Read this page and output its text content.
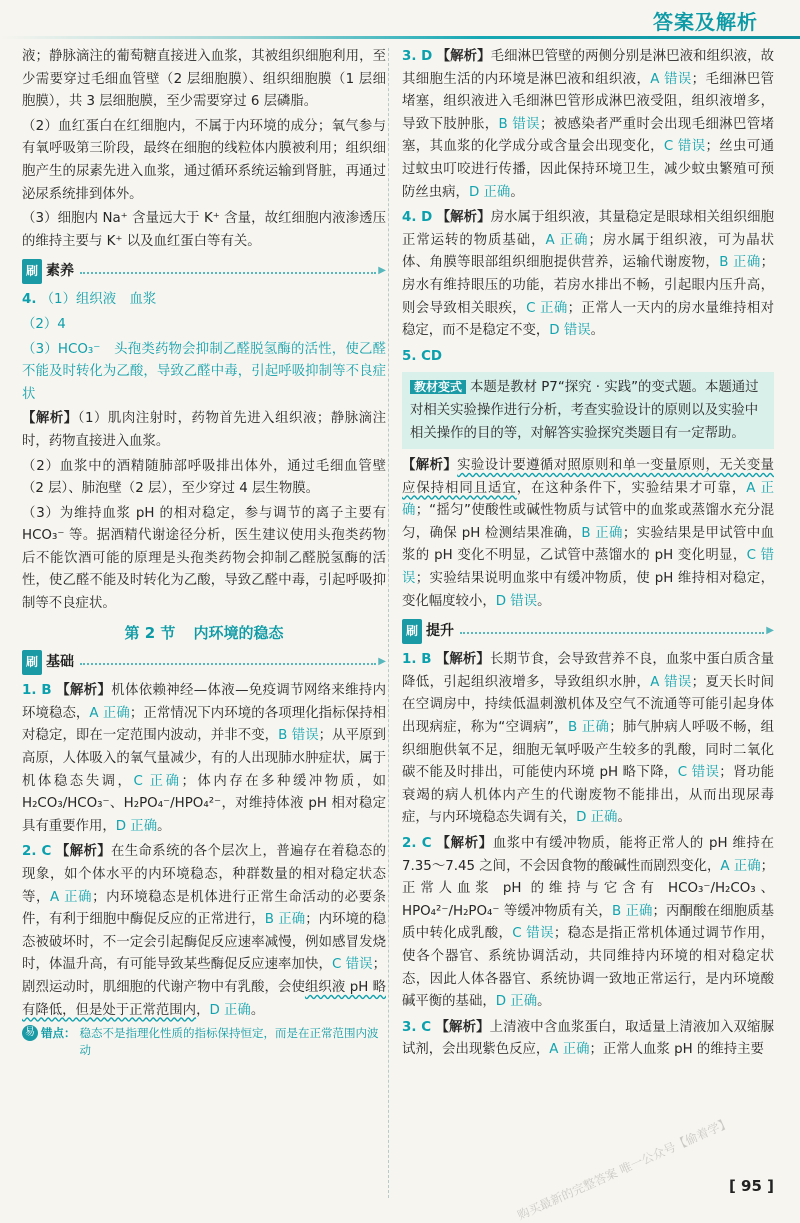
答案及解析

液；静脉滴注的葡萄糖直接进入血浆，其被组织细胞利用，至少需要穿过毛细血管壁（2 层细胞膜）、组织细胞膜（1 层细胞膜），共 3 层细胞膜，至少需要穿过 6 层磷脂。

（2）血红蛋白在红细胞内，不属于内环境的成分；氧气参与有氧呼吸第三阶段，最终在细胞的线粒体内膜被利用；组织细胞产生的尿素先进入血浆，通过循环系统运输到肾脏，再通过泌尿系统排到体外。

（3）细胞内 Na⁺ 含量远大于 K⁺ 含量，故红细胞内液渗透压的维持主要与 K⁺ 以及血红蛋白等有关。

刷 素养	▶

4. （1）组织液　血浆

（2）4

（3）HCO₃⁻　头孢类药物会抑制乙醛脱氢酶的活性，使乙醛不能及时转化为乙酸，导致乙醛中毒，引起呼吸抑制等不良症状

【解析】（1）肌肉注射时，药物首先进入组织液；静脉滴注时，药物直接进入血浆。

（2）血浆中的酒精随肺部呼吸排出体外，通过毛细血管壁（2 层）、肺泡壁（2 层），至少穿过 4 层生物膜。

（3）为维持血浆 pH 的相对稳定，参与调节的离子主要有 HCO₃⁻ 等。据酒精代谢途径分析，医生建议使用头孢类药物后不能饮酒可能的原理是头孢类药物会抑制乙醛脱氢酶的活性，使乙醛不能及时转化为乙酸，导致乙醛中毒，引起呼吸抑制等不良症状。

第 2 节 内环境的稳态
刷 基础	▶

1. B 【解析】机体依赖神经—体液—免疫调节网络来维持内环境稳态，A 正确；正常情况下内环境的各项理化指标保持相对稳定，即在一定范围内波动，并非不变，B 错误；从平原到高原，人体吸入的氧气量减少，有的人出现肺水肿症状，属于机体稳态失调，C 正确；体内存在多种缓冲物质，如 H₂CO₃/HCO₃⁻、H₂PO₄⁻/HPO₄²⁻，对维持体液 pH 相对稳定具有重要作用，D 正确。

2. C 【解析】在生命系统的各个层次上，普遍存在着稳态的现象，如个体水平的内环境稳态，种群数量的相对稳定状态等，A 正确；内环境稳态是机体进行正常生命活动的必要条件，有利于细胞中酶促反应的正常进行，B 正确；内环境的稳态被破坏时，不一定会引起酶促反应速率减慢，例如感冒发烧时，体温升高，有可能导致某些酶促反应速率加快，C 错误；剧烈运动时，肌细胞的代谢产物中有乳酸，会使组织液 pH 略有降低，但是处于正常范围内，D 正确。

易 错点： 稳态不是指理化性质的指标保持恒定，而是在正常范围内波动

3. D 【解析】毛细淋巴管壁的两侧分别是淋巴液和组织液，故其细胞生活的内环境是淋巴液和组织液，A 错误；毛细淋巴管堵塞，组织液进入毛细淋巴管形成淋巴液受阻，组织液增多，导致下肢肿胀，B 错误；被感染者严重时会出现毛细淋巴管堵塞，其血浆的化学成分或含量会出现变化，C 错误；丝虫可通过蚊虫叮咬进行传播，因此保持环境卫生，减少蚊虫繁殖可预防丝虫病，D 正确。

4. D 【解析】房水属于组织液，其量稳定是眼球相关组织细胞正常运转的物质基础，A 正确；房水属于组织液，可为晶状体、角膜等眼部组织细胞提供营养，运输代谢废物，B 正确；房水有维持眼压的功能，若房水排出不畅，引起眼内压升高，则会导致相关眼疾，C 正确；正常人一天内的房水量维持相对稳定，而不是稳定不变，D 错误。

5. CD

教材变式 本题是教材 P7“探究 · 实践”的变式题。本题通过对相关实验操作进行分析，考查实验设计的原则以及实验中相关操作的目的等，对解答实验探究类题目有一定帮助。

【解析】实验设计要遵循对照原则和单一变量原则，无关变量应保持相同且适宜，在这种条件下，实验结果才可靠，A 正确；“摇匀”使酸性或碱性物质与试管中的血浆或蒸馏水充分混匀，确保 pH 检测结果准确，B 正确；实验结果是甲试管中血浆的 pH 变化不明显，乙试管中蒸馏水的 pH 变化明显，C 错误；实验结果说明血浆中有缓冲物质，使 pH 维持相对稳定，变化幅度较小，D 错误。

刷 提升	▶

1. B 【解析】长期节食，会导致营养不良，血浆中蛋白质含量降低，引起组织液增多，导致组织水肿，A 错误；夏天长时间在空调房中，持续低温刺激机体及空气不流通等可能引起身体出现病症，称为“空调病”，B 正确；肺气肿病人呼吸不畅，组织细胞供氧不足，细胞无氧呼吸产生较多的乳酸，同时二氧化碳不能及时排出，可能使内环境 pH 略下降，C 错误；肾功能衰竭的病人机体内产生的代谢废物不能排出，从而出现尿毒症，与内环境稳态失调有关，D 正确。

2. C 【解析】血浆中有缓冲物质，能将正常人的 pH 维持在 7.35～7.45 之间，不会因食物的酸碱性而剧烈变化，A 正确；正常人血浆 pH 的维持与它含有 HCO₃⁻/H₂CO₃、HPO₄²⁻/H₂PO₄⁻ 等缓冲物质有关，B 正确；丙酮酸在细胞质基质中转化成乳酸，C 错误；稳态是指正常机体通过调节作用，使各个器官、系统协调活动，共同维持内环境的相对稳定状态，因此人体各器官、系统协调一致地正常运行，是内环境酸碱平衡的基础，D 正确。

3. C 【解析】上清液中含血浆蛋白，取适量上清液加入双缩脲试剂，会出现紫色反应，A 正确；正常人血浆 pH 的维持主要

购买最新的完整答案 唯一公众号【偷着学】
[ 95 ]
